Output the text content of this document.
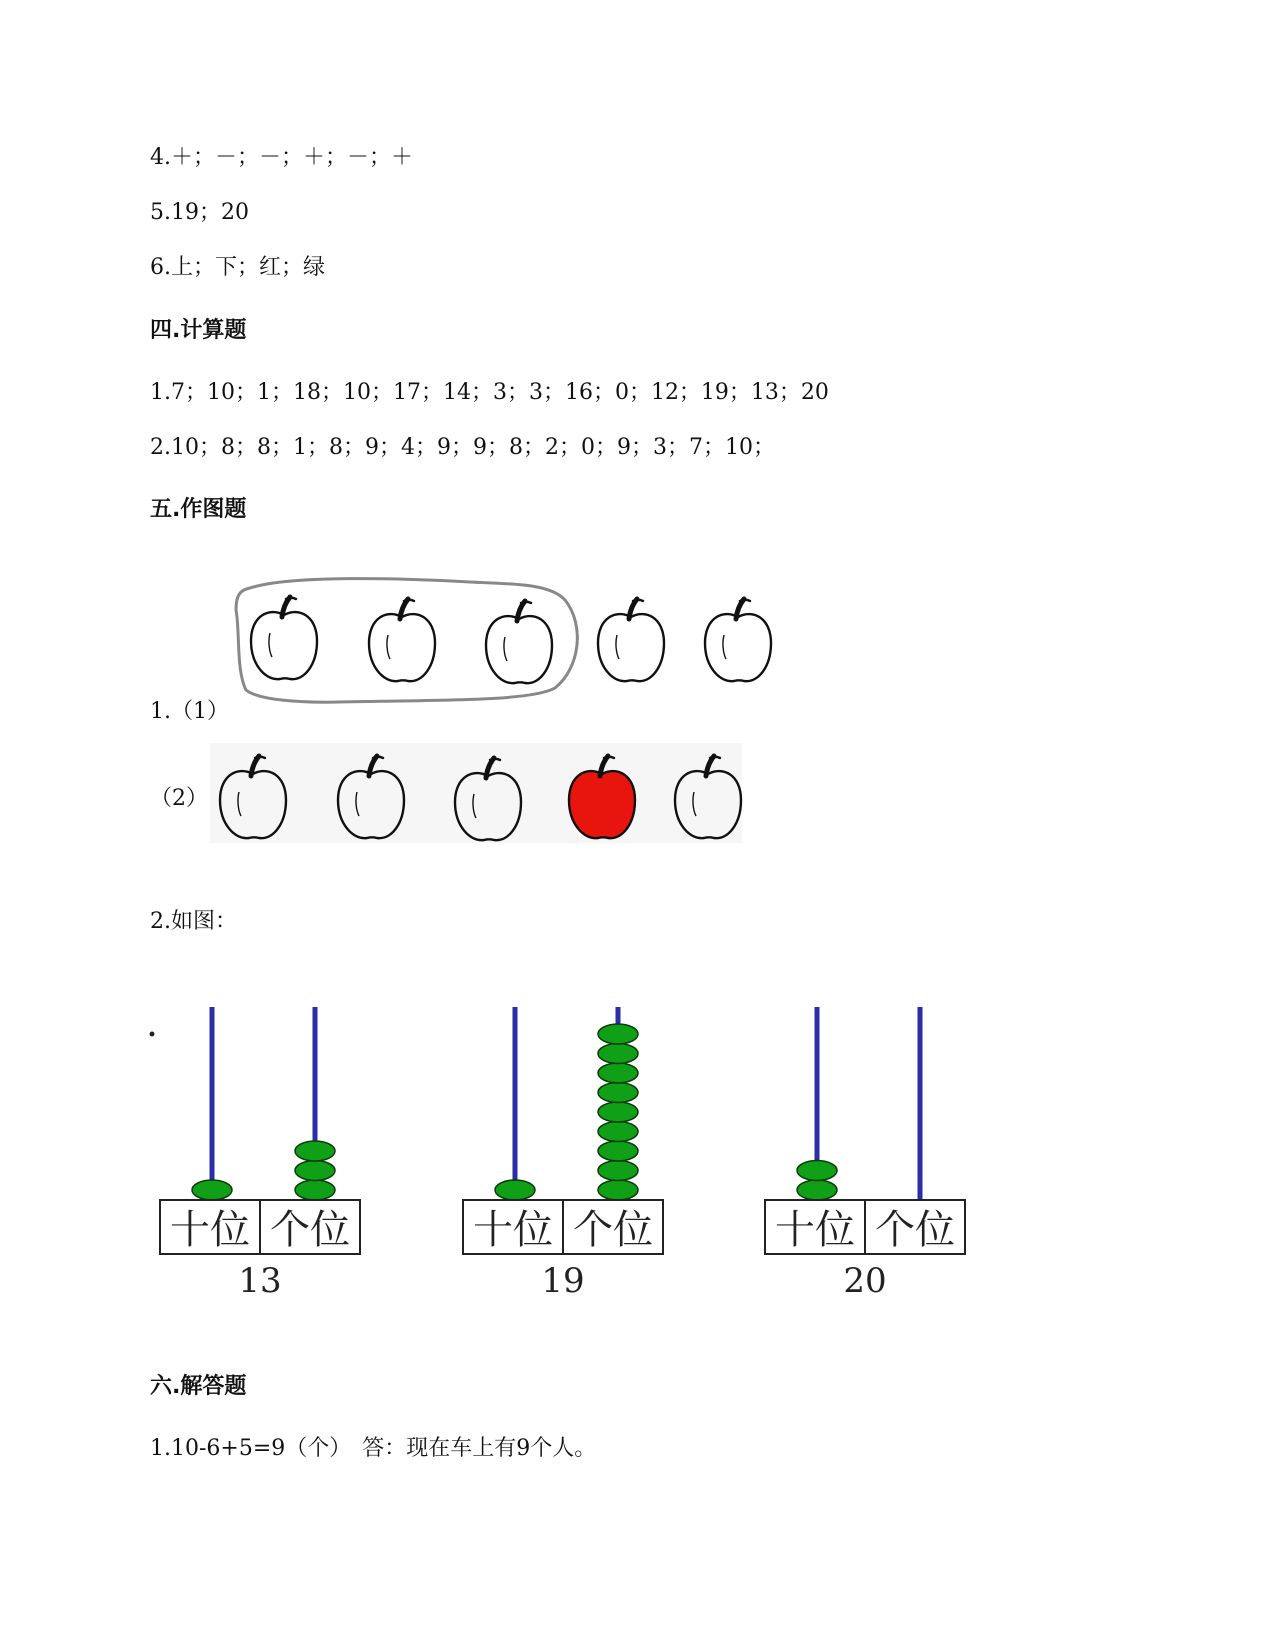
4.＋；－；－；＋；－；＋
5.19；20
6.上；下；红；绿
四.计算题
1.7；10；1；18；10；17；14；3；3；16；0；12；19；13；20
2.10；8；8；1；8；9；4；9；9；8；2；0；9；3；7；10；
五.作图题
1.（1）
（2）
2.如图：
十位 个位
13
十位 个位
19
十位 个位
20
六.解答题
1.10-6+5=9（个）　答：现在车上有9个人。
